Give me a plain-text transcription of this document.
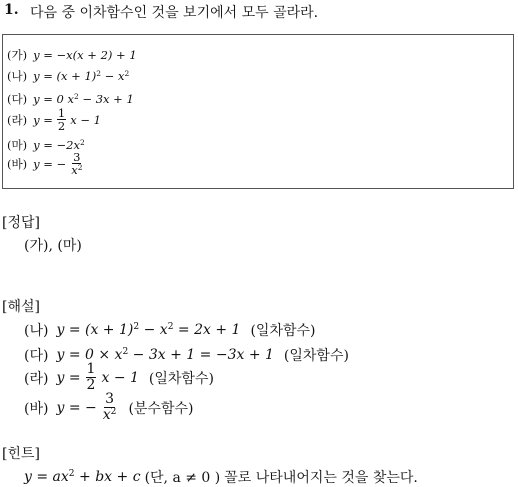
1. 다음 중 이차함수인 것을 보기에서 모두 골라라.
(가) y = −x(x + 2) + 1
(나) $y = (x + 1)^2 - x^2$
(다) y = 0 $x^2 - 3x + 1$
(라) $y = \frac{1}{2}$ x − 1
(마) $y = -2x^2$
(바) y = − $\frac{3}{x^2}$
[정답]
(가), (마)
[해설]
(나) $y = (x + 1)^2 - x^2 = 2x + 1$ (일차함수)
(다) $y = 0 \times x^2 - 3x + 1 = -3x + 1$ (일차함수)
(라) $y = \frac{1}{2}$ x − 1 (일차함수)
(바) y = − $\frac{3}{x^2}$ (분수함수)
[힌트]
$y = ax^2$ + bx + c (단, a ≠ 0 ) 꼴로 나타내어지는 것을 찾는다.
